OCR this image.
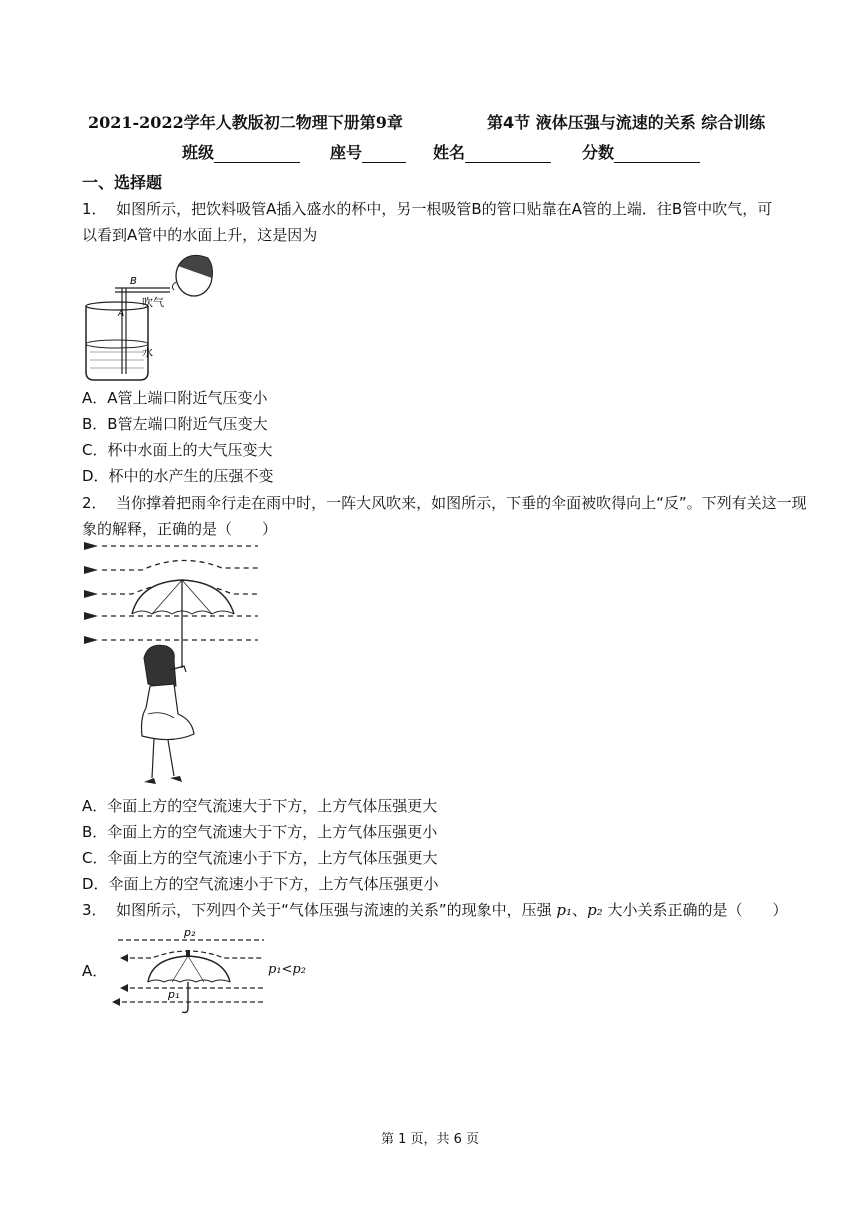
2021-2022学年人教版初二物理下册第9章	第4节 液体压强与流速的关系 综合训练
班级	座号	姓名	分数
一、选择题
1． 如图所示，把饮料吸管A插入盛水的杯中，另一根吸管B的管口贴靠在A管的上端．往B管中吹气，可
以看到A管中的水面上升，这是因为
B
A
吹气
水
A．A管上端口附近气压变小
B．B管左端口附近气压变大
C．杯中水面上的大气压变大
D．杯中的水产生的压强不变
2． 当你撑着把雨伞行走在雨中时，一阵大风吹来，如图所示，下垂的伞面被吹得向上“反”。下列有关这一现
象的解释，正确的是（　　）
A．伞面上方的空气流速大于下方，上方气体压强更大
B．伞面上方的空气流速大于下方，上方气体压强更小
C．伞面上方的空气流速小于下方，上方气体压强更大
D．伞面上方的空气流速小于下方，上方气体压强更小
3． 如图所示，下列四个关于“气体压强与流速的关系”的现象中，压强 p₁、p₂ 大小关系正确的是（　　）
A．
p₂
p₁
p₁<p₂
第 1 页，共 6 页
